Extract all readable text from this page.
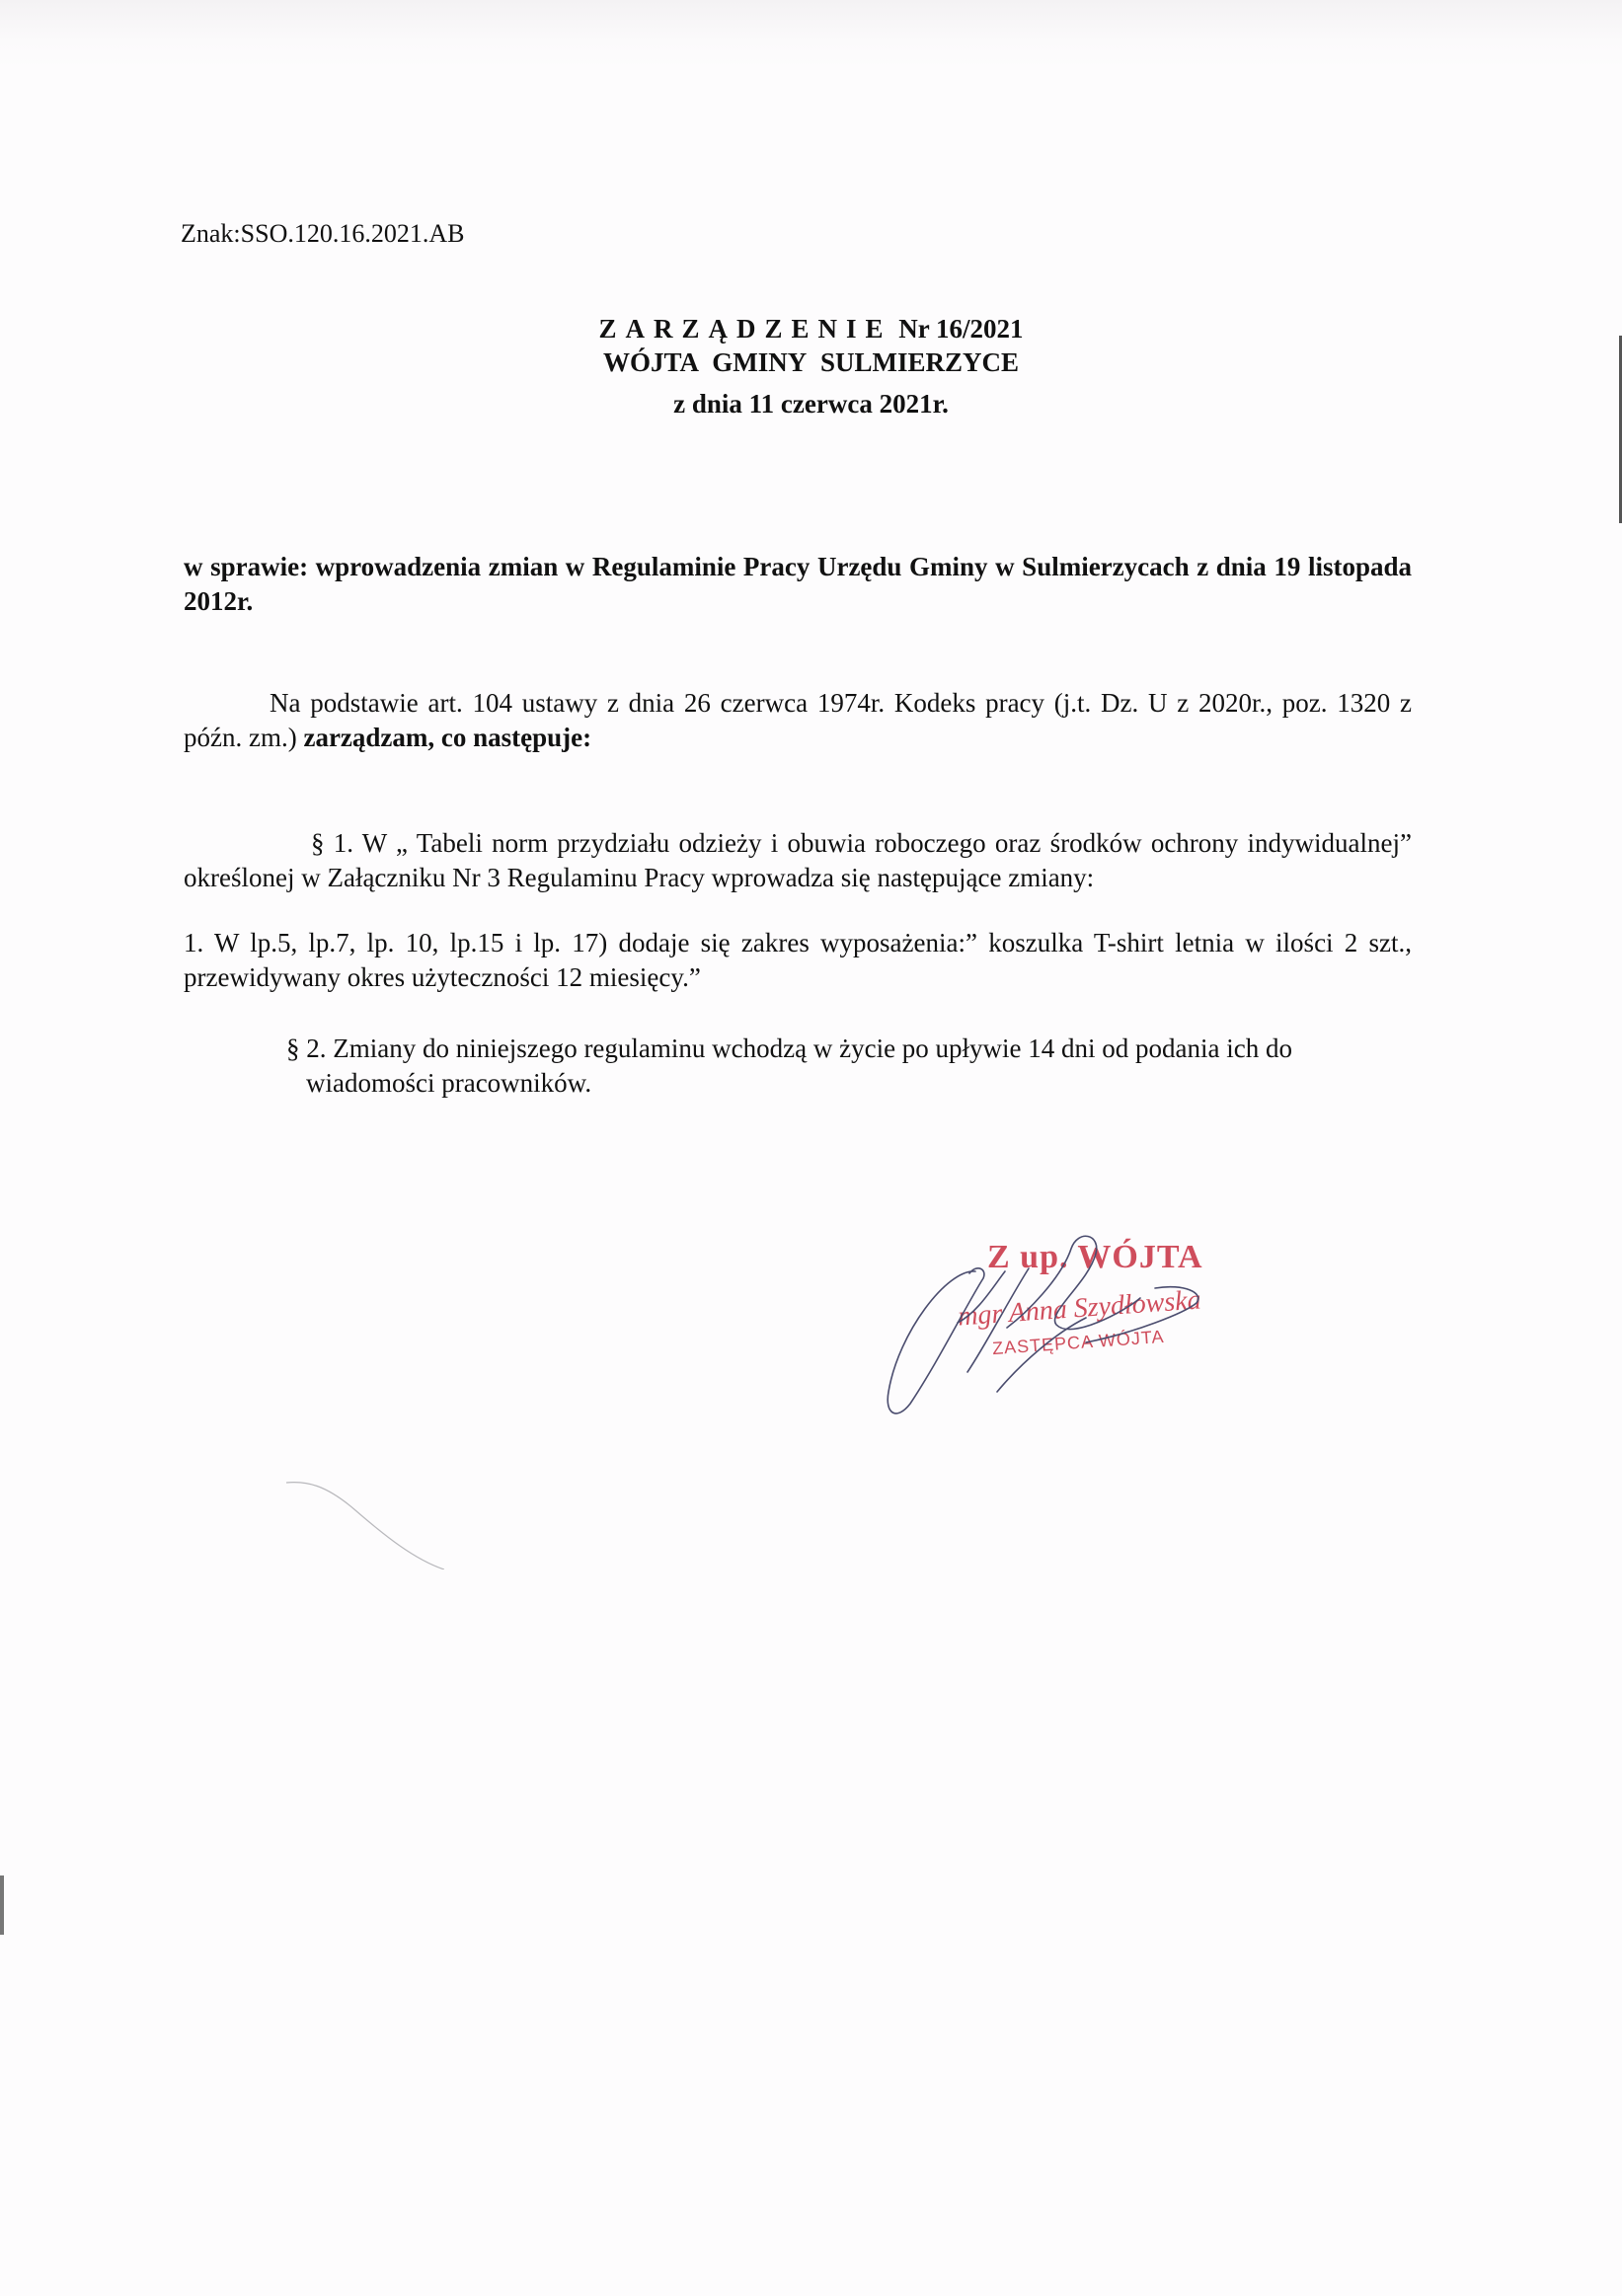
Znak:SSO.120.16.2021.AB
ZARZĄDZENIE Nr 16/2021
WÓJTA GMINY SULMIERZYCE
z dnia 11 czerwca 2021r.
w sprawie: wprowadzenia zmian w Regulaminie Pracy Urzędu Gminy w Sulmierzycach z dnia 19 listopada 2012r.
Na podstawie art. 104 ustawy z dnia 26 czerwca 1974r. Kodeks pracy (j.t. Dz. U z 2020r., poz. 1320 z późn. zm.) zarządzam, co następuje:
§ 1. W „ Tabeli norm przydziału odzieży i obuwia roboczego oraz środków ochrony indywidualnej” określonej w Załączniku Nr 3 Regulaminu Pracy wprowadza się następujące zmiany:
1. W lp.5, lp.7, lp. 10, lp.15 i lp. 17) dodaje się zakres wyposażenia:” koszulka T-shirt letnia w ilości 2 szt., przewidywany okres użyteczności 12 miesięcy.”
§ 2. Zmiany do niniejszego regulaminu wchodzą w życie po upływie 14 dni od podania ich do
wiadomości pracowników.
Z up. WÓJTA
mgr Anna Szydłowska
ZASTĘPCA WÓJTA
